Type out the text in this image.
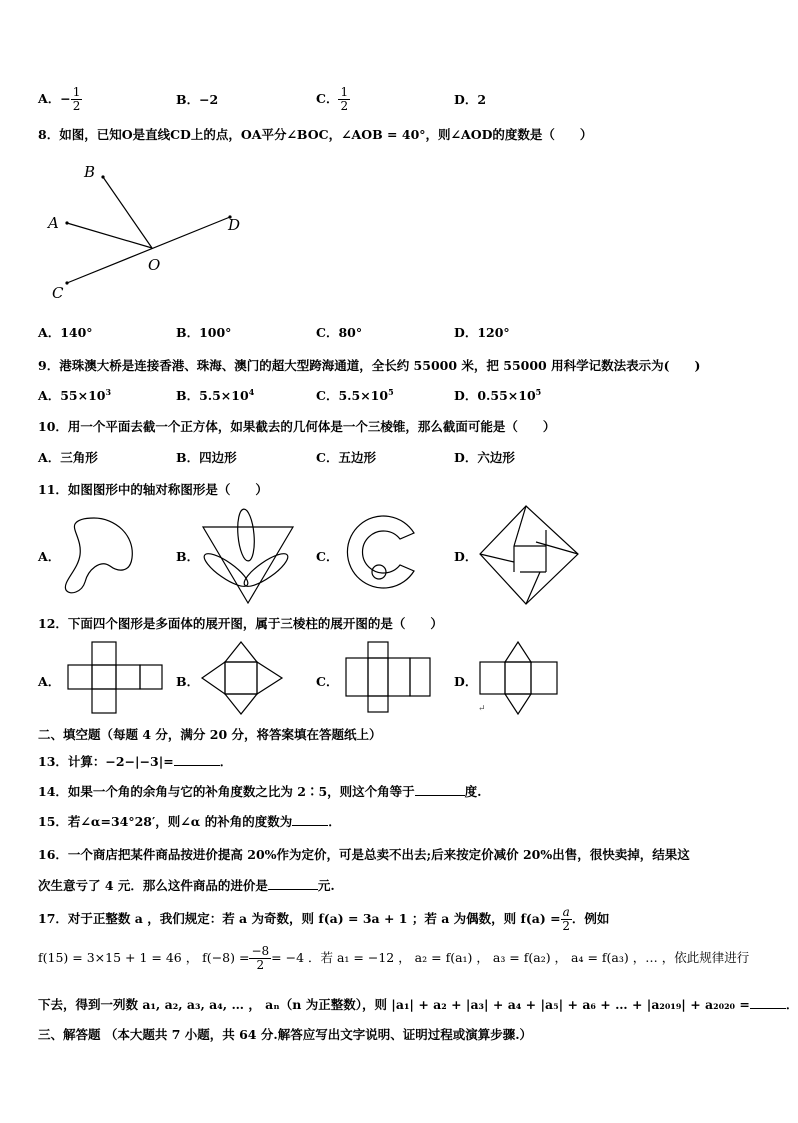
A．− $\frac{1}{2}$	B．−2	C． $\frac{1}{2}$	D．2
8．如图，已知O是直线CD上的点，OA平分∠BOC，∠AOB = 40°，则∠AOD的度数是（　　）
B
A	D
O
C
A．140°	B．100°	C．80°	D．120°
9．港珠澳大桥是连接香港、珠海、澳门的超大型跨海通道，全长约 55000 米，把 55000 用科学记数法表示为(　　)
A．$55\times 10^3$	B．$5.5\times 10^4$	C．$5.5\times 10^5$	D．$0.55\times 10^5$
10．用一个平面去截一个正方体，如果截去的几何体是一个三棱锥，那么截面可能是（　　）
A．三角形	B．四边形	C．五边形	D．六边形
11．如图图形中的轴对称图形是（　　）
A．	B．	C．	D．
12．下面四个图形是多面体的展开图，属于三棱柱的展开图的是（　　）
A．	B．	C．	D．
↵
二、填空题（每题 4 分，满分 20 分，将答案填在答题纸上）
13．计算：−2−|−3|=	．
14．如果一个角的余角与它的补角度数之比为 2∶5，则这个角等于	度.
15．若∠α=34°28′，则∠α 的补角的度数为	．
16．一个商店把某件商品按进价提高 20%作为定价，可是总卖不出去;后来按定价减价 20%出售，很快卖掉，结果这
次生意亏了 4 元．那么这件商品的进价是	元.
17．对于正整数 a ，我们规定：若 a 为奇数，则 f(a) = 3a + 1 ；若 a 为偶数，则 $f(a) = \frac{a}{2}$ ．例如
f(15) = 3×15 + 1 = 46 ， $f(-8) = \frac{-8}{2} = -4$ ．若 a₁ = −12 ， a₂ = f(a₁) ， a₃ = f(a₂) ， a₄ = f(a₃) ，… ，依此规律进行
下去，得到一列数 a₁, a₂, a₃, a₄, … ， aₙ（n 为正整数），则 |a₁| + a₂ + |a₃| + a₄ + |a₅| + a₆ + … + |a₂₀₁₉| + a₂₀₂₀ =	．
三、解答题 （本大题共 7 小题，共 64 分.解答应写出文字说明、证明过程或演算步骤.）
